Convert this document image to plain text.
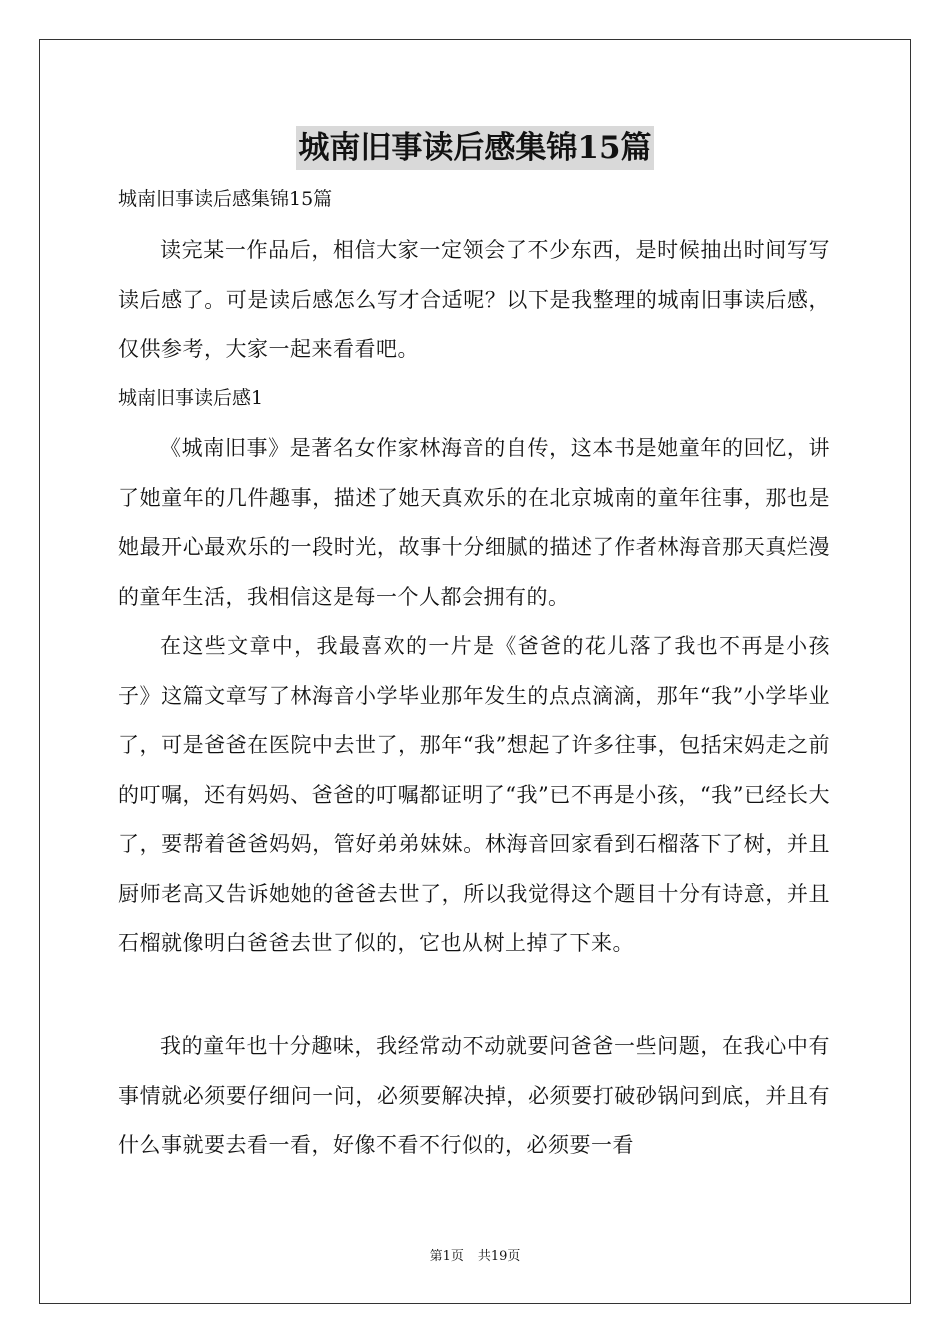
城南旧事读后感集锦15篇
城南旧事读后感集锦15篇

读完某一作品后，相信大家一定领会了不少东西，是时候抽出时间写写读后感了。可是读后感怎么写才合适呢？以下是我整理的城南旧事读后感，仅供参考，大家一起来看看吧。

城南旧事读后感1

《城南旧事》是著名女作家林海音的自传，这本书是她童年的回忆，讲了她童年的几件趣事，描述了她天真欢乐的在北京城南的童年往事，那也是她最开心最欢乐的一段时光，故事十分细腻的描述了作者林海音那天真烂漫的童年生活，我相信这是每一个人都会拥有的。

在这些文章中，我最喜欢的一片是《爸爸的花儿落了我也不再是小孩子》这篇文章写了林海音小学毕业那年发生的点点滴滴，那年“我”小学毕业了，可是爸爸在医院中去世了，那年“我”想起了许多往事，包括宋妈走之前的叮嘱，还有妈妈、爸爸的叮嘱都证明了“我”已不再是小孩，“我”已经长大了，要帮着爸爸妈妈，管好弟弟妹妹。林海音回家看到石榴落下了树，并且厨师老高又告诉她她的爸爸去世了，所以我觉得这个题目十分有诗意，并且石榴就像明白爸爸去世了似的，它也从树上掉了下来。

我的童年也十分趣味，我经常动不动就要问爸爸一些问题，在我心中有事情就必须要仔细问一问，必须要解决掉，必须要打破砂锅问到底，并且有什么事就要去看一看，好像不看不行似的，必须要一看

第1页 共19页
